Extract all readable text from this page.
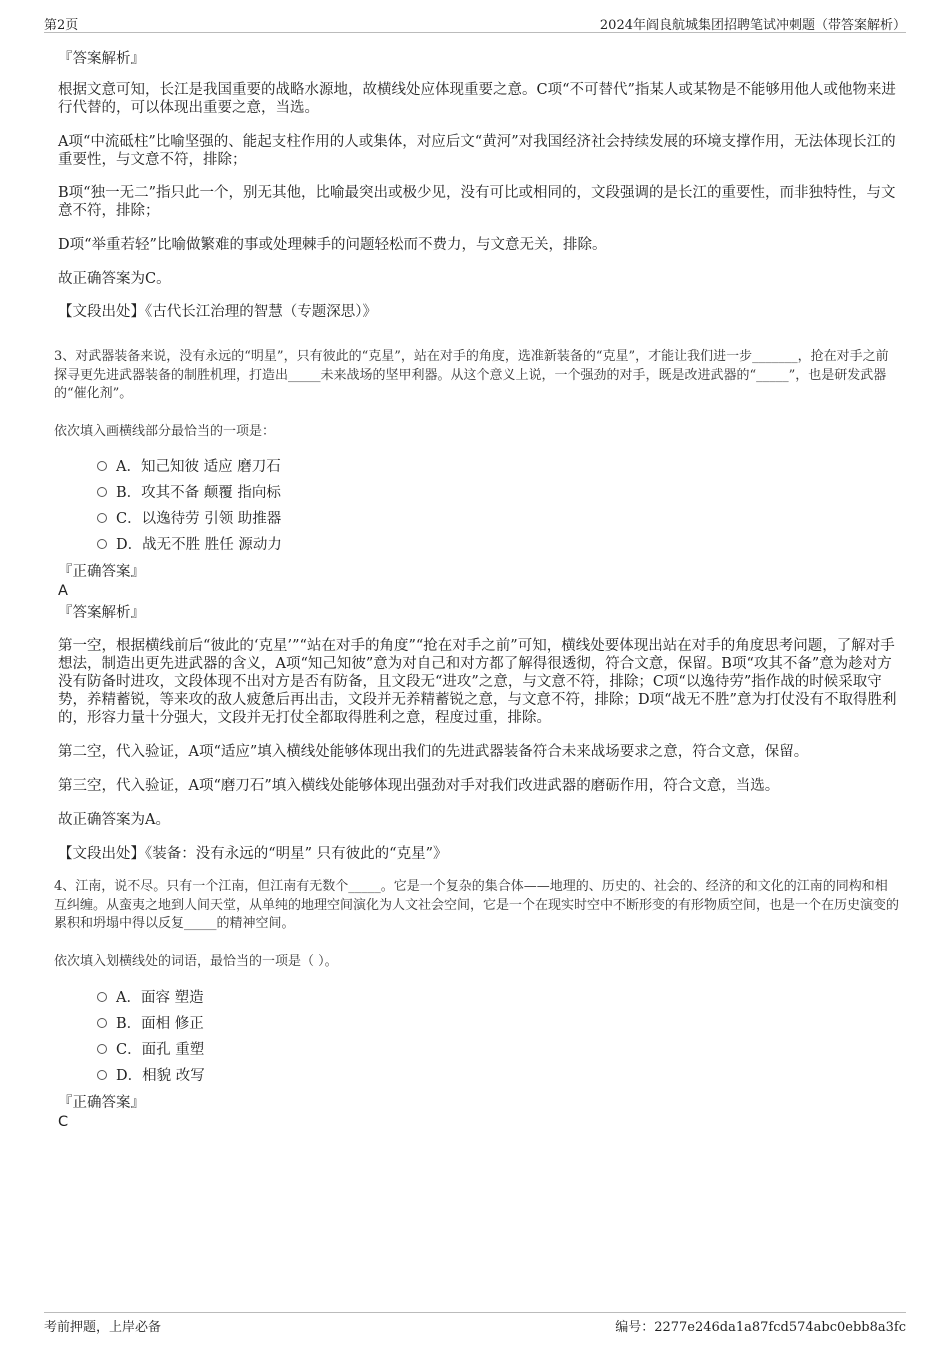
第2页	2024年阎良航城集团招聘笔试冲刺题（带答案解析）
『答案解析』
根据文意可知，长江是我国重要的战略水源地，故横线处应体现重要之意。C项“不可替代”指某人或某物是不能够用他人或他物来进行代替的，可以体现出重要之意，当选。
A项“中流砥柱”比喻坚强的、能起支柱作用的人或集体，对应后文“黄河”对我国经济社会持续发展的环境支撑作用，无法体现长江的重要性，与文意不符，排除；
B项“独一无二”指只此一个，别无其他，比喻最突出或极少见，没有可比或相同的，文段强调的是长江的重要性，而非独特性，与文意不符，排除；
D项“举重若轻”比喻做繁难的事或处理棘手的问题轻松而不费力，与文意无关，排除。
故正确答案为C。
【文段出处】《古代长江治理的智慧（专题深思）》
3、对武器装备来说，没有永远的“明星”，只有彼此的“克星”，站在对手的角度，选准新装备的“克星”，才能让我们进一步_______，抢在对手之前探寻更先进武器装备的制胜机理，打造出_____未来战场的坚甲利器。从这个意义上说，一个强劲的对手，既是改进武器的“_____”，也是研发武器的“催化剂”。
依次填入画横线部分最恰当的一项是：
A．知己知彼 适应 磨刀石
B．攻其不备 颠覆 指向标
C．以逸待劳 引领 助推器
D．战无不胜 胜任 源动力
『正确答案』
A
『答案解析』
第一空，根据横线前后“彼此的‘克星’”“站在对手的角度”“抢在对手之前”可知，横线处要体现出站在对手的角度思考问题，了解对手想法，制造出更先进武器的含义，A项“知己知彼”意为对自己和对方都了解得很透彻，符合文意，保留。B项“攻其不备”意为趁对方没有防备时进攻，文段体现不出对方是否有防备，且文段无“进攻”之意，与文意不符，排除；C项“以逸待劳”指作战的时候采取守势，养精蓄锐，等来攻的敌人疲惫后再出击，文段并无养精蓄锐之意，与文意不符，排除；D项“战无不胜”意为打仗没有不取得胜利的，形容力量十分强大，文段并无打仗全都取得胜利之意，程度过重，排除。
第二空，代入验证，A项“适应”填入横线处能够体现出我们的先进武器装备符合未来战场要求之意，符合文意，保留。
第三空，代入验证，A项“磨刀石”填入横线处能够体现出强劲对手对我们改进武器的磨砺作用，符合文意，当选。
故正确答案为A。
【文段出处】《装备：没有永远的“明星” 只有彼此的“克星”》
4、江南，说不尽。只有一个江南，但江南有无数个_____。它是一个复杂的集合体——地理的、历史的、社会的、经济的和文化的江南的同构和相互纠缠。从蛮夷之地到人间天堂，从单纯的地理空间演化为人文社会空间，它是一个在现实时空中不断形变的有形物质空间，也是一个在历史演变的累积和坍塌中得以反复_____的精神空间。
依次填入划横线处的词语，最恰当的一项是（ ）。
A．面容 塑造
B．面相 修正
C．面孔 重塑
D．相貌 改写
『正确答案』
C
考前押题，上岸必备	编号：2277e246da1a87fcd574abc0ebb8a3fc
